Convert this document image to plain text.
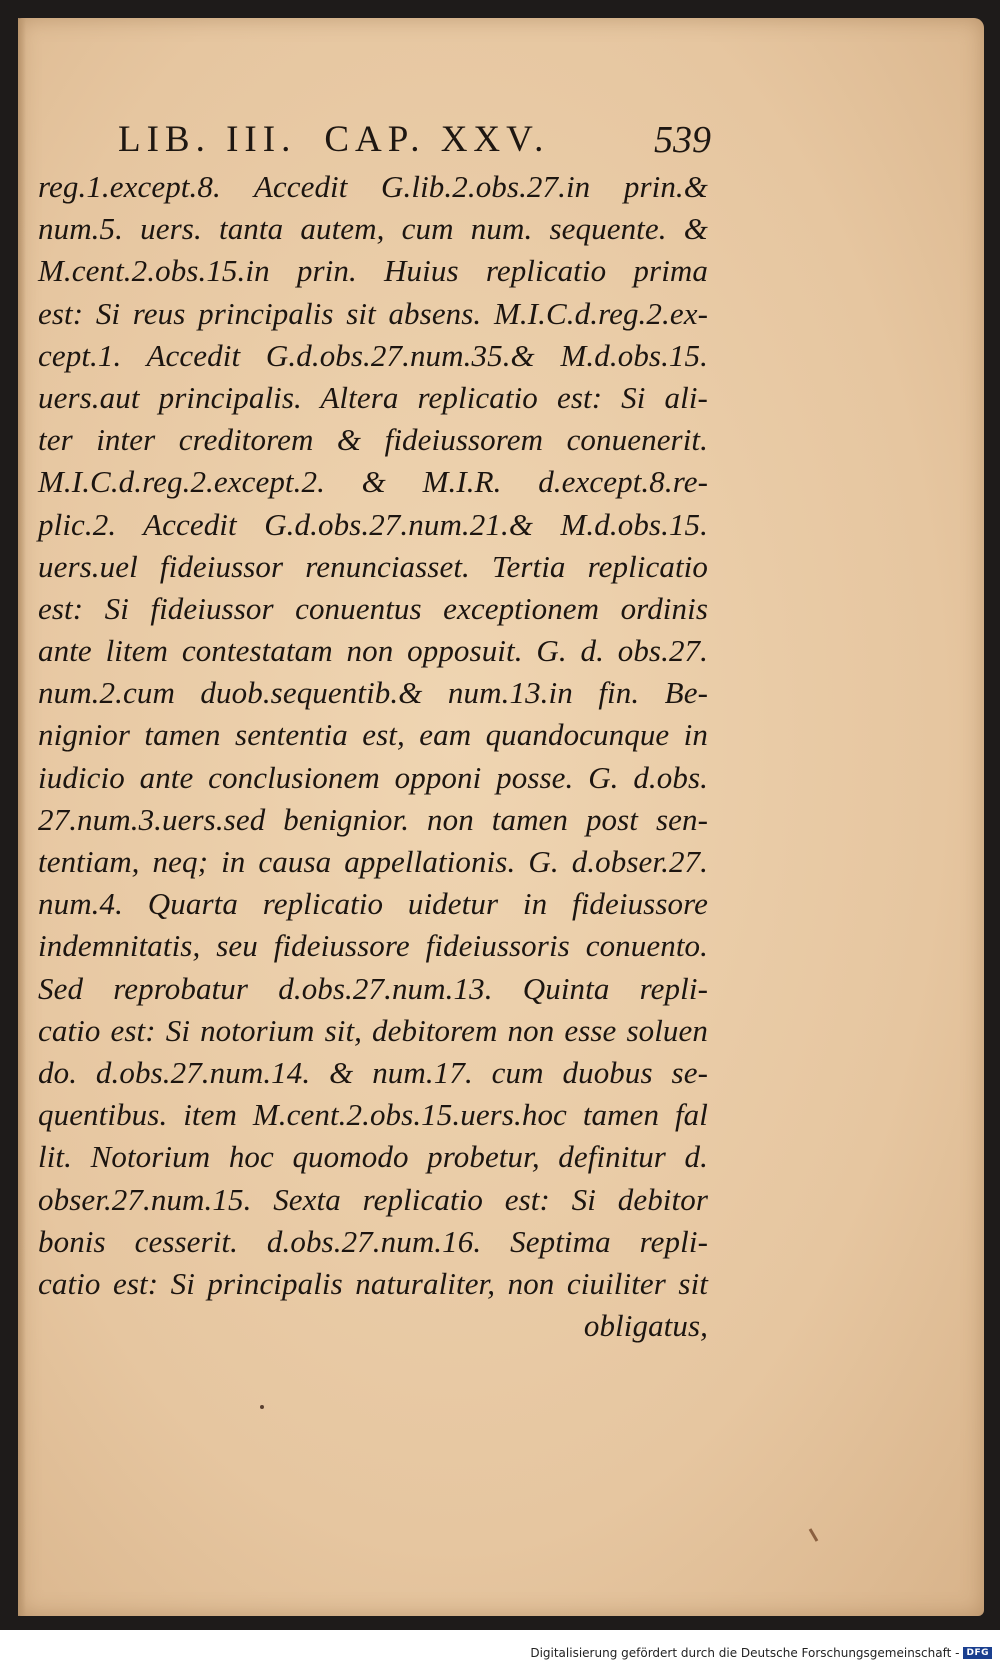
LIB. III. CAP. XXV.	539
reg.1.except.8. Accedit G.lib.2.obs.27.in prin.&
num.5. uers. tanta autem, cum num. sequente. &
M.cent.2.obs.15.in prin. Huius replicatio prima
est: Si reus principalis sit absens. M.I.C.d.reg.2.ex-
cept.1. Accedit G.d.obs.27.num.35.& M.d.obs.15.
uers.aut principalis. Altera replicatio est: Si ali-
ter inter creditorem & fideiussorem conuenerit.
M.I.C.d.reg.2.except.2. & M.I.R. d.except.8.re-
plic.2. Accedit G.d.obs.27.num.21.& M.d.obs.15.
uers.uel fideiussor renunciasset. Tertia replicatio
est: Si fideiussor conuentus exceptionem ordinis
ante litem contestatam non opposuit. G. d. obs.27.
num.2.cum duob.sequentib.& num.13.in fin. Be-
nignior tamen sententia est, eam quandocunque in
iudicio ante conclusionem opponi posse. G. d.obs.
27.num.3.uers.sed benignior. non tamen post sen-
tentiam, neq; in causa appellationis. G. d.obser.27.
num.4. Quarta replicatio uidetur in fideiussore
indemnitatis, seu fideiussore fideiussoris conuento.
Sed reprobatur d.obs.27.num.13. Quinta repli-
catio est: Si notorium sit, debitorem non esse soluen
do. d.obs.27.num.14. & num.17. cum duobus se-
quentibus. item M.cent.2.obs.15.uers.hoc tamen fal
lit. Notorium hoc quomodo probetur, definitur d.
obser.27.num.15. Sexta replicatio est: Si debitor
bonis cesserit. d.obs.27.num.16. Septima repli-
catio est: Si principalis naturaliter, non ciuiliter sit
obligatus,
Digitalisierung gefördert durch die Deutsche Forschungsgemeinschaft - DFG
